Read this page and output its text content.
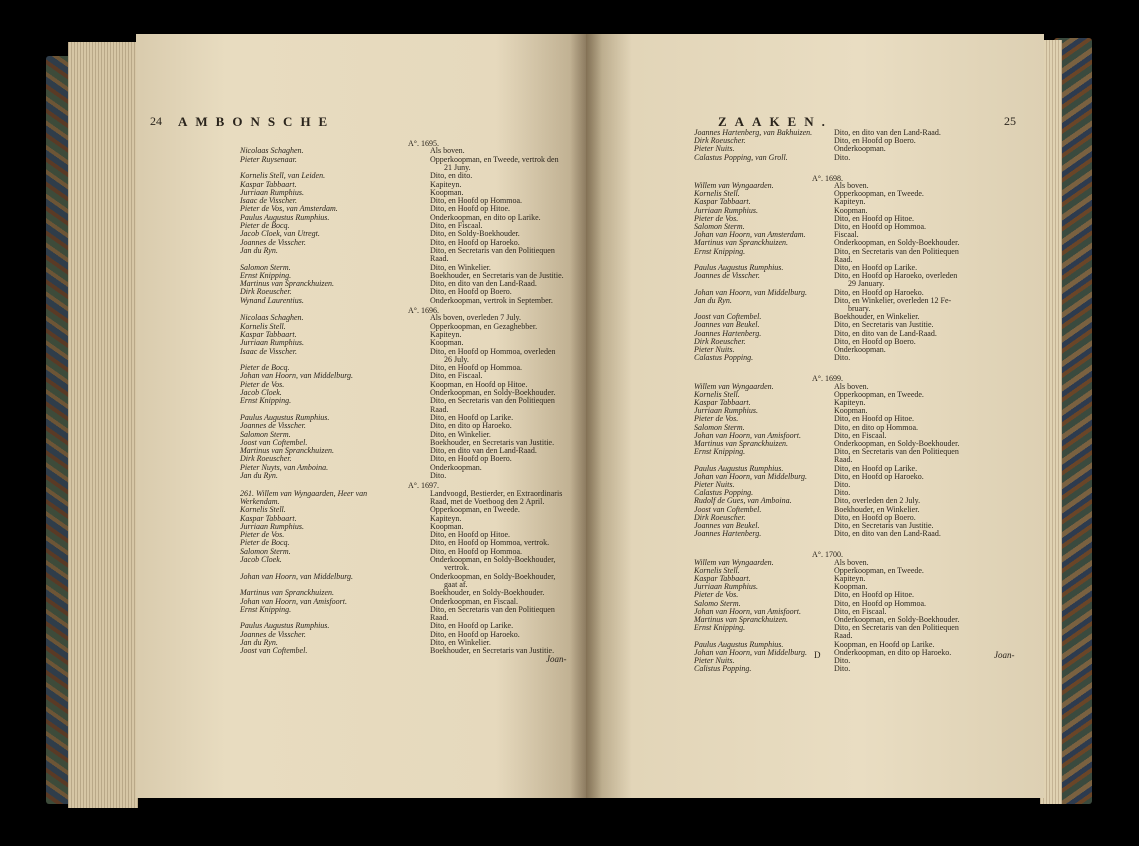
24 AMBONSCHE
A°. 1695.
Nicolaas Schaghen.	Als boven.
Pieter Ruysenaar.	Opperkoopman, en Tweede, vertrok den
21 Juny.
Kornelis Stell, van Leiden.	Dito, en dito.
Kaspar Tabbaart.	Kapiteyn.
Jurriaan Rumphius.	Koopman.
Isaac de Visscher.	Dito, en Hoofd op Hommoa.
Pieter de Vos, van Amsterdam.	Dito, en Hoofd op Hitoe.
Paulus Augustus Rumphius.	Onderkoopman, en dito op Larike.
Pieter de Bocq.	Dito, en Fiscaal.
Jacob Cloek, van Utregt.	Dito, en Soldy-Boekhouder.
Joannes de Visscher.	Dito, en Hoofd op Haroeko.
Jan du Ryn.	Dito, en Secretaris van den Politiequen
Raad.
Salomon Sterm.	Dito, en Winkelier.
Ernst Knipping.	Boekhouder, en Secretaris van de Justitie.
Martinus van Spranckhuizen.	Dito, en dito van den Land-Raad.
Dirk Roeuscher.	Dito, en Hoofd op Boero.
Wynand Laurentius.	Onderkoopman, vertrok in September.
A°. 1696.
Nicolaas Schaghen.	Als boven, overleden 7 July.
Kornelis Stell.	Opperkoopman, en Gezaghebber.
Kaspar Tabbaart.	Kapiteyn.
Jurriaan Rumphius.	Koopman.
Isaac de Visscher.	Dito, en Hoofd op Hommoa, overleden
26 July.
Pieter de Bocq.	Dito, en Hoofd op Hommoa.
Johan van Hoorn, van Middelburg.	Dito, en Fiscaal.
Pieter de Vos.	Koopman, en Hoofd op Hitoe.
Jacob Cloek.	Onderkoopman, en Soldy-Boekhouder.
Ernst Knipping.	Dito, en Secretaris van den Politiequen
Raad.
Paulus Augustus Rumphius.	Dito, en Hoofd op Larike.
Joannes de Visscher.	Dito, en dito op Haroeko.
Salomon Sterm.	Dito, en Winkelier.
Joost van Coftembel.	Boekhouder, en Secretaris van Justitie.
Martinus van Spranckhuizen.	Dito, en dito van den Land-Raad.
Dirk Roeuscher.	Dito, en Hoofd op Boero.
Pieter Nuyts, van Amboina.	Onderkoopman.
Jan du Ryn.	Dito.
A°. 1697.
261. Willem van Wyngaarden, Heer van	Landvoogd, Bestierder, en Extraordinaris
Werkendam.	Raad, met de Voetboog den 2 April.
Kornelis Stell.	Opperkoopman, en Tweede.
Kaspar Tabbaart.	Kapiteyn.
Jurriaan Rumphius.	Koopman.
Pieter de Vos.	Dito, en Hoofd op Hitoe.
Pieter de Bocq.	Dito, en Hoofd op Hommoa, vertrok.
Salomon Sterm.	Dito, en Hoofd op Hommoa.
Jacob Cloek.	Onderkoopman, en Soldy-Boekhouder,
vertrok.
Johan van Hoorn, van Middelburg.	Onderkoopman, en Soldy-Boekhouder,
gaat af.
Martinus van Spranckhuizen.	Boekhouder, en Soldy-Boekhouder.
Johan van Hoorn, van Amisfoort.	Onderkoopman, en Fiscaal.
Ernst Knipping.	Dito, en Secretaris van den Politiequen
Raad.
Paulus Augustus Rumphius.	Dito, en Hoofd op Larike.
Joannes de Visscher.	Dito, en Hoofd op Haroeko.
Jan du Ryn.	Dito, en Winkelier.
Joost van Coftembel.	Boekhouder, en Secretaris van Justitie.
Joan-
ZAAKEN.	25
Joannes Hartenberg, van Bakhuizen.	Dito, en dito van den Land-Raad.
Dirk Roeuscher.	Dito, en Hoofd op Boero.
Pieter Nuits.	Onderkoopman.
Calastus Popping, van Groll.	Dito.
A°. 1698.
Willem van Wyngaarden.	Als boven.
Kornelis Stell.	Opperkoopman, en Tweede.
Kaspar Tabbaart.	Kapiteyn.
Jurriaan Rumphius.	Koopman.
Pieter de Vos.	Dito, en Hoofd op Hitoe.
Salomon Sterm.	Dito, en Hoofd op Hommoa.
Johan van Hoorn, van Amsterdam.	Fiscaal.
Martinus van Spranckhuizen.	Onderkoopman, en Soldy-Boekhouder.
Ernst Knipping.	Dito, en Secretaris van den Politiequen
Raad.
Paulus Augustus Rumphius.	Dito, en Hoofd op Larike.
Joannes de Visscher.	Dito, en Hoofd op Haroeko, overleden
29 January.
Johan van Hoorn, van Middelburg.	Dito, en Hoofd op Haroeko.
Jan du Ryn.	Dito, en Winkelier, overleden 12 Fe-
bruary.
Joost van Coftembel.	Boekhouder, en Winkelier.
Joannes van Beukel.	Dito, en Secretaris van Justitie.
Joannes Hartenberg.	Dito, en dito van de Land-Raad.
Dirk Roeuscher.	Dito, en Hoofd op Boero.
Pieter Nuits.	Onderkoopman.
Calastus Popping.	Dito.
A°. 1699.
Willem van Wyngaarden.	Als boven.
Kornelis Stell.	Opperkoopman, en Tweede.
Kaspar Tabbaart.	Kapiteyn.
Jurriaan Rumphius.	Koopman.
Pieter de Vos.	Dito, en Hoofd op Hitoe.
Salomon Sterm.	Dito, en dito op Hommoa.
Johan van Hoorn, van Amisfoort.	Dito, en Fiscaal.
Martinus van Spranckhuizen.	Onderkoopman, en Soldy-Boekhouder.
Ernst Knipping.	Dito, en Secretaris van den Politiequen
Raad.
Paulus Augustus Rumphius.	Dito, en Hoofd op Larike.
Johan van Hoorn, van Middelburg.	Dito, en Hoofd op Haroeko.
Pieter Nuits.	Dito.
Calastus Popping.	Dito.
Rudolf de Gues, van Amboina.	Dito, overleden den 2 July.
Joost van Coftembel.	Boekhouder, en Winkelier.
Dirk Roeuscher.	Dito, en Hoofd op Boero.
Joannes van Beukel.	Dito, en Secretaris van Justitie.
Joannes Hartenberg.	Dito, en dito van den Land-Raad.
A°. 1700.
Willem van Wyngaarden.	Als boven.
Kornelis Stell.	Opperkoopman, en Tweede.
Kaspar Tabbaart.	Kapiteyn.
Jurriaan Rumphius.	Koopman.
Pieter de Vos.	Dito, en Hoofd op Hitoe.
Salomo Sterm.	Dito, en Hoofd op Hommoa.
Johan van Hoorn, van Amisfoort.	Dito, en Fiscaal.
Martinus van Spranckhuizen.	Onderkoopman, en Soldy-Boekhouder.
Ernst Knipping.	Dito, en Secretaris van den Politiequen
Raad.
Paulus Augustus Rumphius.	Koopman, en Hoofd op Larike.
Johan van Hoorn, van Middelburg.	Onderkoopman, en dito op Haroeko.
Pieter Nuits.	Dito.
Calistus Popping.	Dito.
D	Joan-
